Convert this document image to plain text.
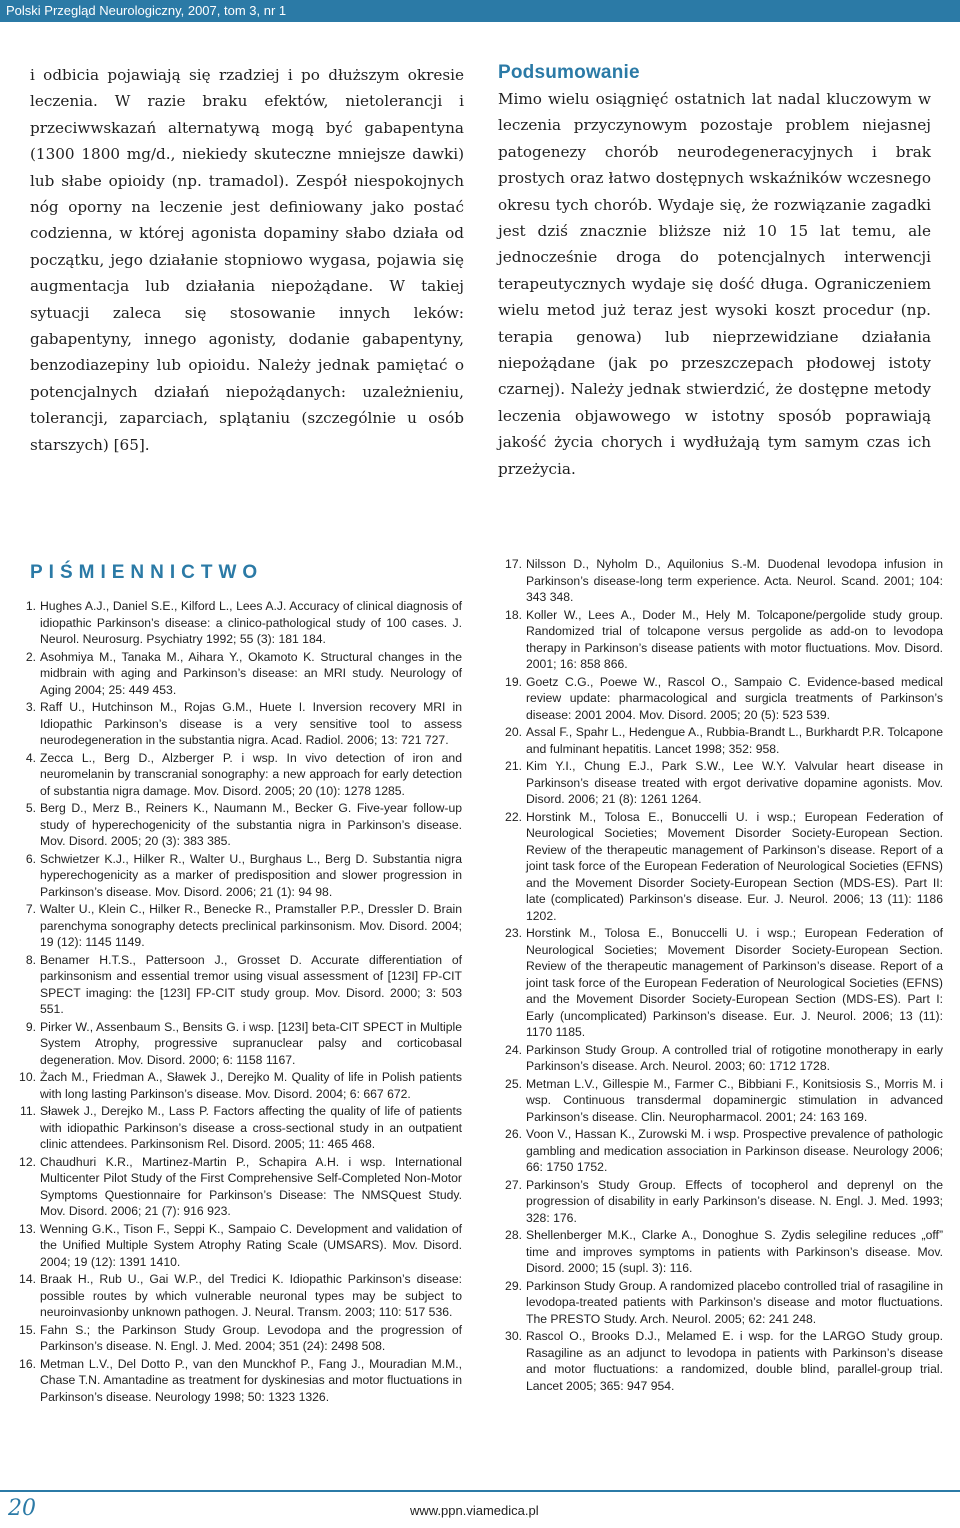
Polski Przegląd Neurologiczny, 2007, tom 3, nr 1

i odbicia pojawiają się rzadziej i po dłuższym okresie leczenia. W razie braku efektów, nietolerancji i przeciwwskazań alternatywą mogą być gabapentyna (1300 1800 mg/d., niekiedy skuteczne mniejsze dawki) lub słabe opioidy (np. tramadol). Zespół niespokojnych nóg oporny na leczenie jest definiowany jako postać codzienna, w której agonista dopaminy słabo działa od początku, jego działanie stopniowo wygasa, pojawia się augmentacja lub działania niepożądane. W takiej sytuacji zaleca się stosowanie innych leków: gabapentyny, innego agonisty, dodanie gabapentyny, benzodiazepiny lub opioidu. Należy jednak pamiętać o potencjalnych działań niepożądanych: uzależnieniu, tolerancji, zaparciach, splątaniu (szczególnie u osób starszych) [65].

Podsumowanie

Mimo wielu osiągnięć ostatnich lat nadal kluczowym w leczenia przyczynowym pozostaje problem niejasnej patogenezy chorób neurodegeneracyjnych i brak prostych oraz łatwo dostępnych wskaźników wczesnego okresu tych chorób. Wydaje się, że rozwiązanie zagadki jest dziś znacznie bliższe niż 10 15 lat temu, ale jednocześnie droga do potencjalnych interwencji terapeutycznych wydaje się dość długa. Ograniczeniem wielu metod już teraz jest wysoki koszt procedur (np. terapia genowa) lub nieprzewidziane działania niepożądane (jak po przeszczepach płodowej istoty czarnej). Należy jednak stwierdzić, że dostępne metody leczenia objawowego w istotny sposób poprawiają jakość życia chorych i wydłużają tym samym czas ich przeżycia.

PIŚMIENNICTWO
1. Hughes A.J., Daniel S.E., Kilford L., Lees A.J. Accuracy of clinical diagnosis of idiopathic Parkinson’s disease: a clinico-pathological study of 100 cases. J. Neurol. Neurosurg. Psychiatry 1992; 55 (3): 181 184.
2. Asohmiya M., Tanaka M., Aihara Y., Okamoto K. Structural changes in the midbrain with aging and Parkinson’s disease: an MRI study. Neurology of Aging 2004; 25: 449 453.
3. Raff U., Hutchinson M., Rojas G.M., Huete I. Inversion recovery MRI in Idiopathic Parkinson’s disease is a very sensitive tool to assess neurodegeneration in the substantia nigra. Acad. Radiol. 2006; 13: 721 727.
4. Zecca L., Berg D., Alzberger P. i wsp. In vivo detection of iron and neuromelanin by transcranial sonography: a new approach for early detection of substantia nigra damage. Mov. Disord. 2005; 20 (10): 1278 1285.
5. Berg D., Merz B., Reiners K., Naumann M., Becker G. Five-year follow-up study of hyperechogenicity of the substantia nigra in Parkinson’s disease. Mov. Disord. 2005; 20 (3): 383 385.
6. Schwietzer K.J., Hilker R., Walter U., Burghaus L., Berg D. Substantia nigra hyperechogenicity as a marker of predisposition and slower progression in Parkinson’s disease. Mov. Disord. 2006; 21 (1): 94 98.
7. Walter U., Klein C., Hilker R., Benecke R., Pramstaller P.P., Dressler D. Brain parenchyma sonography detects preclinical parkinsonism. Mov. Disord. 2004; 19 (12): 1145 1149.
8. Benamer H.T.S., Pattersoon J., Grosset D. Accurate differentiation of parkinsonism and essential tremor using visual assessment of [123I] FP-CIT SPECT imaging: the [123I] FP-CIT study group. Mov. Disord. 2000; 3: 503 551.
9. Pirker W., Assenbaum S., Bensits G. i wsp. [123I] beta-CIT SPECT in Multiple System Atrophy, progressive supranuclear palsy and corticobasal degeneration. Mov. Disord. 2000; 6: 1158 1167.
10. Żach M., Friedman A., Sławek J., Derejko M. Quality of life in Polish patients with long lasting Parkinson’s disease. Mov. Disord. 2004; 6: 667 672.
11. Sławek J., Derejko M., Lass P. Factors affecting the quality of life of patients with idiopathic Parkinson’s disease a cross-sectional study in an outpatient clinic attendees. Parkinsonism Rel. Disord. 2005; 11: 465 468.
12. Chaudhuri K.R., Martinez-Martin P., Schapira A.H. i wsp. International Multicenter Pilot Study of the First Comprehensive Self-Completed Non-Motor Symptoms Questionnaire for Parkinson’s Disease: The NMSQuest Study. Mov. Disord. 2006; 21 (7): 916 923.
13. Wenning G.K., Tison F., Seppi K., Sampaio C. Development and validation of the Unified Multiple System Atrophy Rating Scale (UMSARS). Mov. Disord. 2004; 19 (12): 1391 1410.
14. Braak H., Rub U., Gai W.P., del Tredici K. Idiopathic Parkinson’s disease: possible routes by which vulnerable neuronal types may be subject to neuroinvasionby unknown pathogen. J. Neural. Transm. 2003; 110: 517 536.
15. Fahn S.; the Parkinson Study Group. Levodopa and the progression of Parkinson’s disease. N. Engl. J. Med. 2004; 351 (24): 2498 508.
16. Metman L.V., Del Dotto P., van den Munckhof P., Fang J., Mouradian M.M., Chase T.N. Amantadine as treatment for dyskinesias and motor fluctuations in Parkinson’s disease. Neurology 1998; 50: 1323 1326.
17. Nilsson D., Nyholm D., Aquilonius S.-M. Duodenal levodopa infusion in Parkinson’s disease-long term experience. Acta. Neurol. Scand. 2001; 104: 343 348.
18. Koller W., Lees A., Doder M., Hely M. Tolcapone/pergolide study group. Randomized trial of tolcapone versus pergolide as add-on to levodopa therapy in Parkinson’s disease patients with motor fluctuations. Mov. Disord. 2001; 16: 858 866.
19. Goetz C.G., Poewe W., Rascol O., Sampaio C. Evidence-based medical review update: pharmacological and surgicla treatments of Parkinson’s disease: 2001 2004. Mov. Disord. 2005; 20 (5): 523 539.
20. Assal F., Spahr L., Hedengue A., Rubbia-Brandt L., Burkhardt P.R. Tolcapone and fulminant hepatitis. Lancet 1998; 352: 958.
21. Kim Y.I., Chung E.J., Park S.W., Lee W.Y. Valvular heart disease in Parkinson’s disease treated with ergot derivative dopamine agonists. Mov. Disord. 2006; 21 (8): 1261 1264.
22. Horstink M., Tolosa E., Bonuccelli U. i wsp.; European Federation of Neurological Societies; Movement Disorder Society-European Section. Review of the therapeutic management of Parkinson’s disease. Report of a joint task force of the European Federation of Neurological Societies (EFNS) and the Movement Disorder Society-European Section (MDS-ES). Part II: late (complicated) Parkinson’s disease. Eur. J. Neurol. 2006; 13 (11): 1186 1202.
23. Horstink M., Tolosa E., Bonuccelli U. i wsp.; European Federation of Neurological Societies; Movement Disorder Society-European Section. Review of the therapeutic management of Parkinson’s disease. Report of a joint task force of the European Federation of Neurological Societies (EFNS) and the Movement Disorder Society-European Section (MDS-ES). Part I: Early (uncomplicated) Parkinson’s disease. Eur. J. Neurol. 2006; 13 (11): 1170 1185.
24. Parkinson Study Group. A controlled trial of rotigotine monotherapy in early Parkinson’s disease. Arch. Neurol. 2003; 60: 1712 1728.
25. Metman L.V., Gillespie M., Farmer C., Bibbiani F., Konitsiosis S., Morris M. i wsp. Continuous transdermal dopaminergic stimulation in advanced Parkinson’s disease. Clin. Neuropharmacol. 2001; 24: 163 169.
26. Voon V., Hassan K., Zurowski M. i wsp. Prospective prevalence of pathologic gambling and medication association in Parkinson disease. Neurology 2006; 66: 1750 1752.
27. Parkinson’s Study Group. Effects of tocopherol and deprenyl on the progression of disability in early Parkinson’s disease. N. Engl. J. Med. 1993; 328: 176.
28. Shellenberger M.K., Clarke A., Donoghue S. Zydis selegiline reduces „off” time and improves symptoms in patients with Parkinson’s disease. Mov. Disord. 2000; 15 (supl. 3): 116.
29. Parkinson Study Group. A randomized placebo controlled trial of rasagiline in levodopa-treated patients with Parkinson’s disease and motor fluctuations. The PRESTO Study. Arch. Neurol. 2005; 62: 241 248.
30. Rascol O., Brooks D.J., Melamed E. i wsp. for the LARGO Study group. Rasagiline as an adjunct to levodopa in patients with Parkinson’s disease and motor fluctuations: a randomized, double blind, parallel-group trial. Lancet 2005; 365: 947 954.
20	www.ppn.viamedica.pl
